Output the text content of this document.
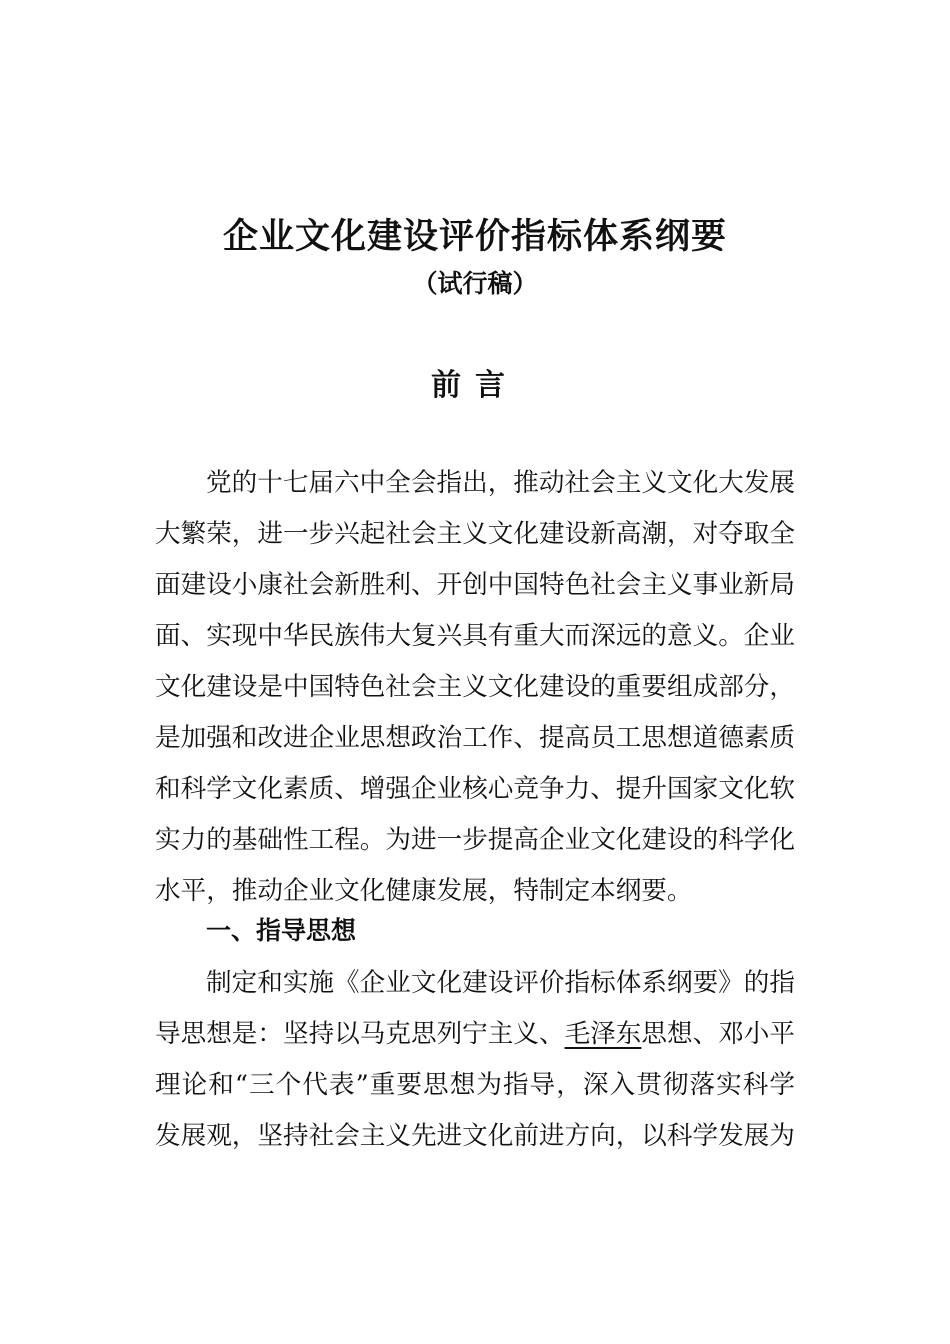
企业文化建设评价指标体系纲要
（试行稿）
前言

党的十七届六中全会指出，推动社会主义文化大发展大繁荣，进一步兴起社会主义文化建设新高潮，对夺取全面建设小康社会新胜利、开创中国特色社会主义事业新局面、实现中华民族伟大复兴具有重大而深远的意义。企业文化建设是中国特色社会主义文化建设的重要组成部分，是加强和改进企业思想政治工作、提高员工思想道德素质和科学文化素质、增强企业核心竞争力、提升国家文化软实力的基础性工程。为进一步提高企业文化建设的科学化水平，推动企业文化健康发展，特制定本纲要。

一、指导思想

制定和实施《企业文化建设评价指标体系纲要》的指导思想是：坚持以马克思列宁主义、毛泽东思想、邓小平理论和“三个代表”重要思想为指导，深入贯彻落实科学发展观，坚持社会主义先进文化前进方向，以科学发展为
